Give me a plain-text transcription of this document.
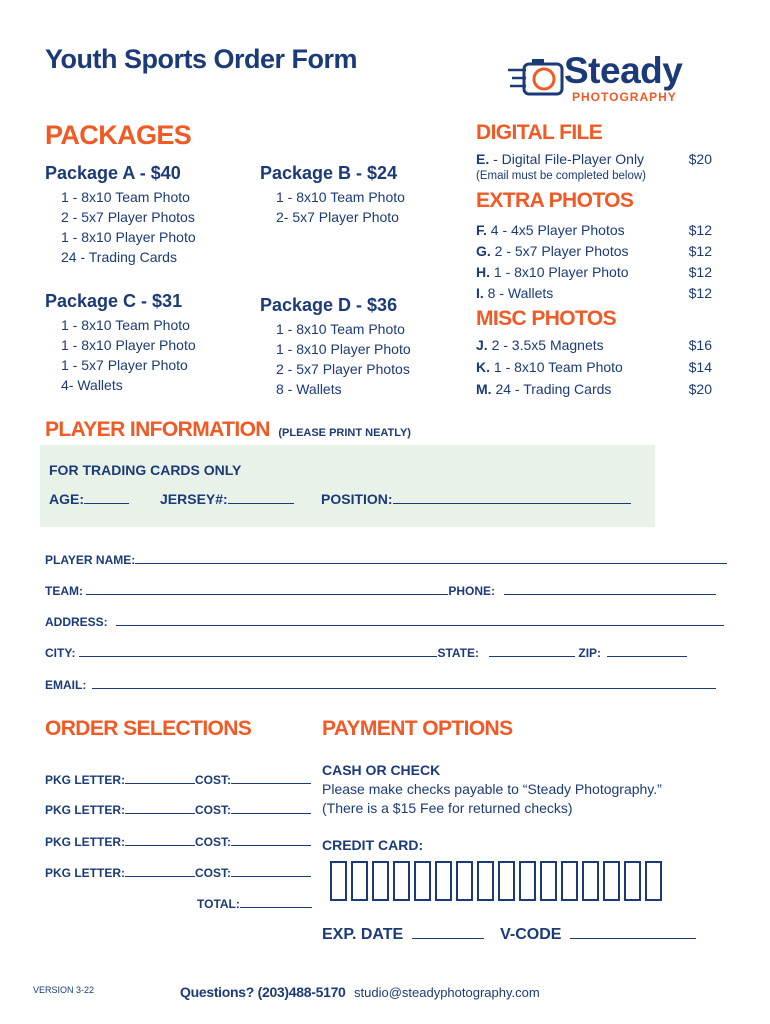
Youth Sports Order Form	Steady
PHOTOGRAPHY
PACKAGES
Package A - $40
1 - 8x10 Team Photo
2 - 5x7 Player Photos
1 - 8x10 Player Photo
24 - Trading Cards
Package B - $24
1 - 8x10 Team Photo
2- 5x7 Player Photo
Package C - $31
1 - 8x10 Team Photo
1 - 8x10 Player Photo
1 - 5x7 Player Photo
4- Wallets
Package D - $36
1 - 8x10 Team Photo
1 - 8x10 Player Photo
2 - 5x7 Player Photos
8 - Wallets
DIGITAL FILE
E. - Digital File-Player Only	$20
(Email must be completed below)
EXTRA PHOTOS
F. 4 - 4x5 Player Photos	$12
G. 2 - 5x7 Player Photos	$12
H. 1 - 8x10 Player Photo	$12
I. 8 - Wallets	$12
MISC PHOTOS
J. 2 - 3.5x5 Magnets	$16
K. 1 - 8x10 Team Photo	$14
M. 24 - Trading Cards	$20
PLAYER INFORMATION (PLEASE PRINT NEATLY)
FOR TRADING CARDS ONLY
AGE:	JERSEY#:	POSITION:
PLAYER NAME:
TEAM:	PHONE:
ADDRESS:
CITY:	STATE:	ZIP:
EMAIL:
ORDER SELECTIONS
PKG LETTER:	COST:
PKG LETTER:	COST:
PKG LETTER:	COST:
PKG LETTER:	COST:
TOTAL:
PAYMENT OPTIONS
CASH OR CHECK
Please make checks payable to “Steady Photography.”
(There is a $15 Fee for returned checks)
CREDIT CARD:
EXP. DATE	V-CODE
VERSION 3-22	Questions? (203)488-5170 studio@steadyphotography.com
